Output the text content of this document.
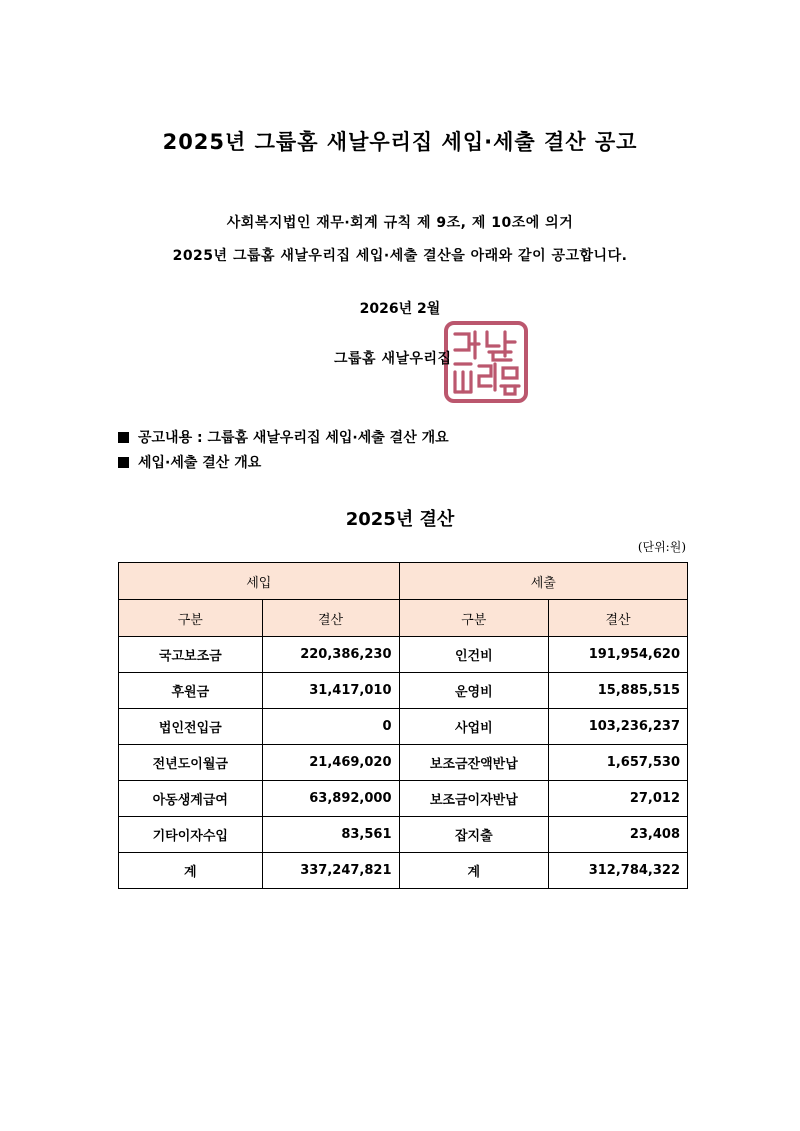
2025년 그룹홈 새날우리집 세입·세출 결산 공고
사회복지법인 재무·회계 규칙 제 9조, 제 10조에 의거
2025년 그룹홈 새날우리집 세입·세출 결산을 아래와 같이 공고합니다.
2026년 2월
그룹홈 새날우리집
공고내용 : 그룹홈 새날우리집 세입·세출 결산 개요
세입·세출 결산 개요
2025년 결산
(단위:원)
세입		세출	
구분	결산	구분	결산
국고보조금	220,386,230	인건비	191,954,620
후원금	31,417,010	운영비	15,885,515
법인전입금	0	사업비	103,236,237
전년도이월금	21,469,020	보조금잔액반납	1,657,530
아동생계급여	63,892,000	보조금이자반납	27,012
기타이자수입	83,561	잡지출	23,408
계	337,247,821	계	312,784,322
